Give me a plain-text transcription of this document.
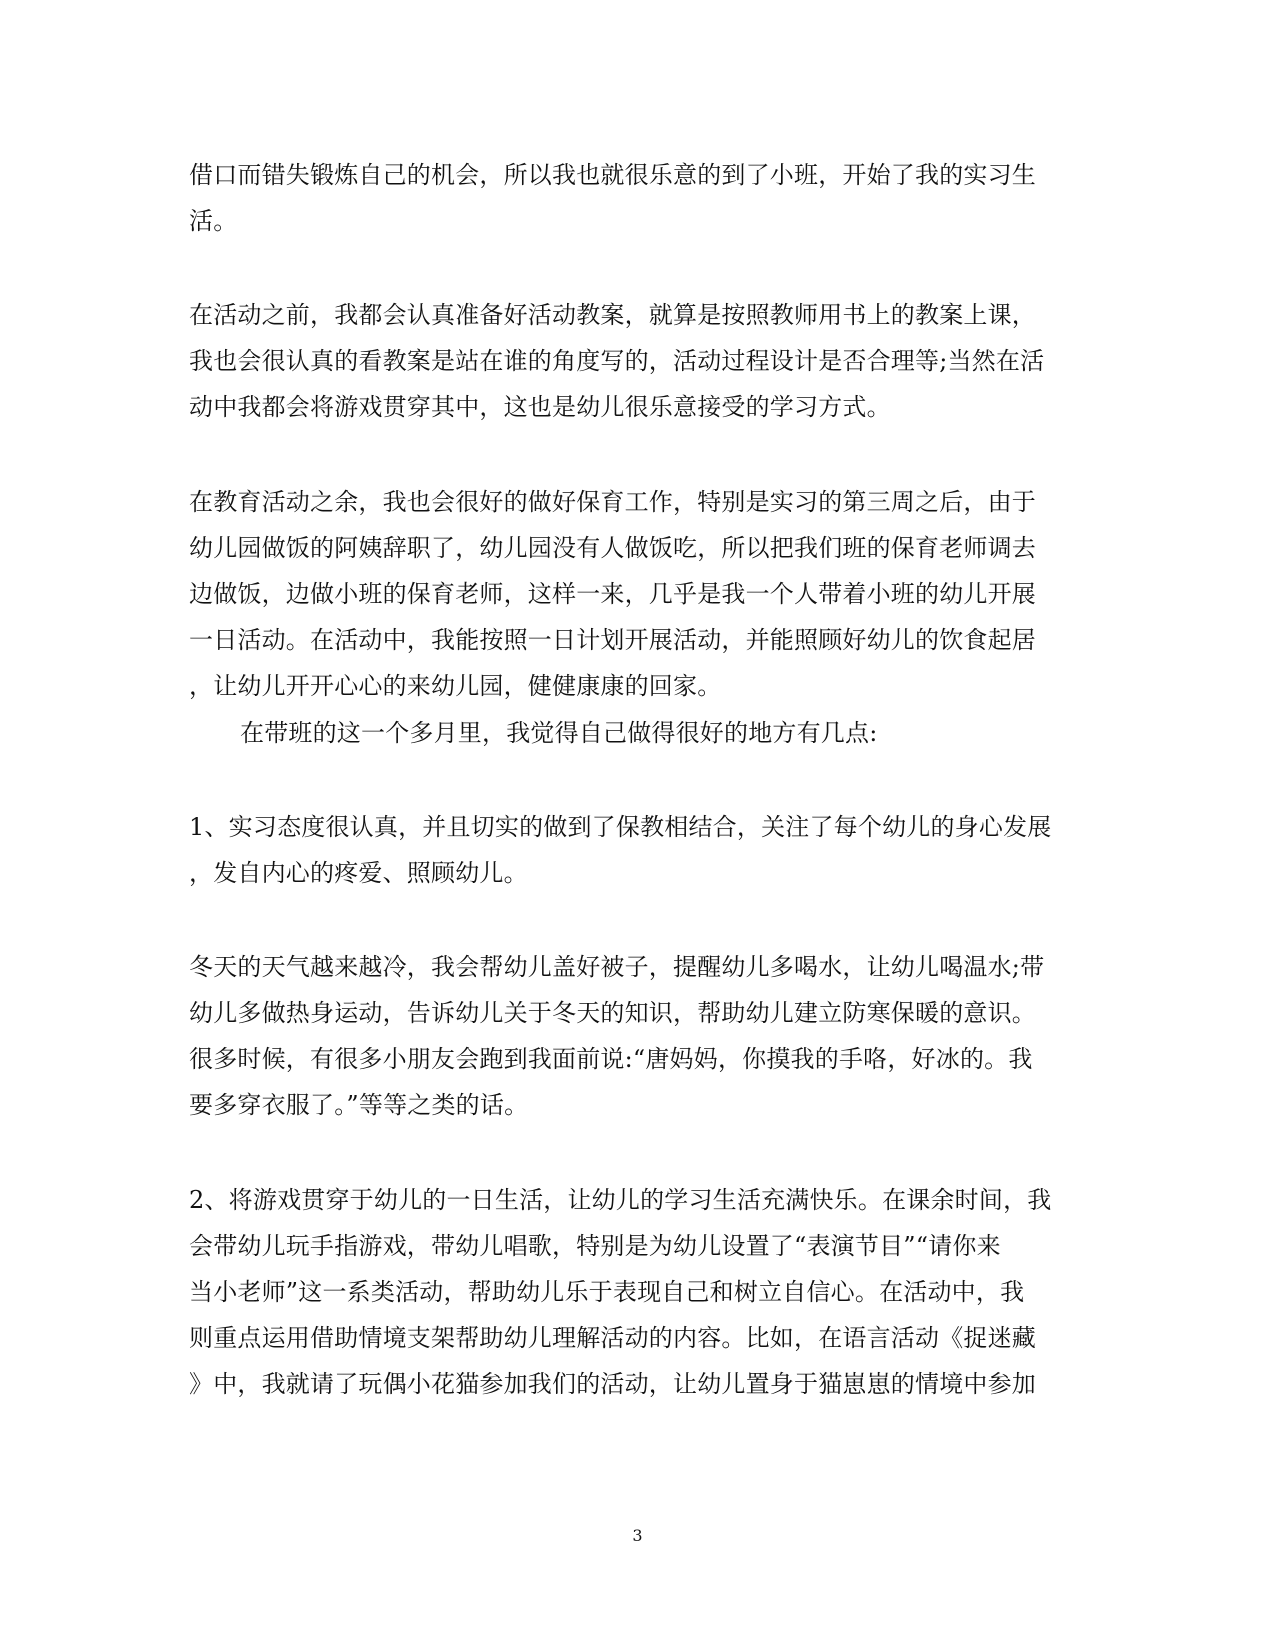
借口而错失锻炼自己的机会，所以我也就很乐意的到了小班，开始了我的实习生
活。
在活动之前，我都会认真准备好活动教案，就算是按照教师用书上的教案上课，
我也会很认真的看教案是站在谁的角度写的，活动过程设计是否合理等;当然在活
动中我都会将游戏贯穿其中，这也是幼儿很乐意接受的学习方式。
在教育活动之余，我也会很好的做好保育工作，特别是实习的第三周之后，由于
幼儿园做饭的阿姨辞职了，幼儿园没有人做饭吃，所以把我们班的保育老师调去
边做饭，边做小班的保育老师，这样一来，几乎是我一个人带着小班的幼儿开展
一日活动。在活动中，我能按照一日计划开展活动，并能照顾好幼儿的饮食起居
，让幼儿开开心心的来幼儿园，健健康康的回家。
在带班的这一个多月里，我觉得自己做得很好的地方有几点:
1、实习态度很认真，并且切实的做到了保教相结合，关注了每个幼儿的身心发展
，发自内心的疼爱、照顾幼儿。
冬天的天气越来越冷，我会帮幼儿盖好被子，提醒幼儿多喝水，让幼儿喝温水;带
幼儿多做热身运动，告诉幼儿关于冬天的知识，帮助幼儿建立防寒保暖的意识。
很多时候，有很多小朋友会跑到我面前说:“唐妈妈，你摸我的手咯，好冰的。我
要多穿衣服了。”等等之类的话。
2、将游戏贯穿于幼儿的一日生活，让幼儿的学习生活充满快乐。在课余时间，我
会带幼儿玩手指游戏，带幼儿唱歌，特别是为幼儿设置了“表演节目”“请你来
当小老师”这一系类活动，帮助幼儿乐于表现自己和树立自信心。在活动中，我
则重点运用借助情境支架帮助幼儿理解活动的内容。比如，在语言活动《捉迷藏
》中，我就请了玩偶小花猫参加我们的活动，让幼儿置身于猫崽崽的情境中参加
3
